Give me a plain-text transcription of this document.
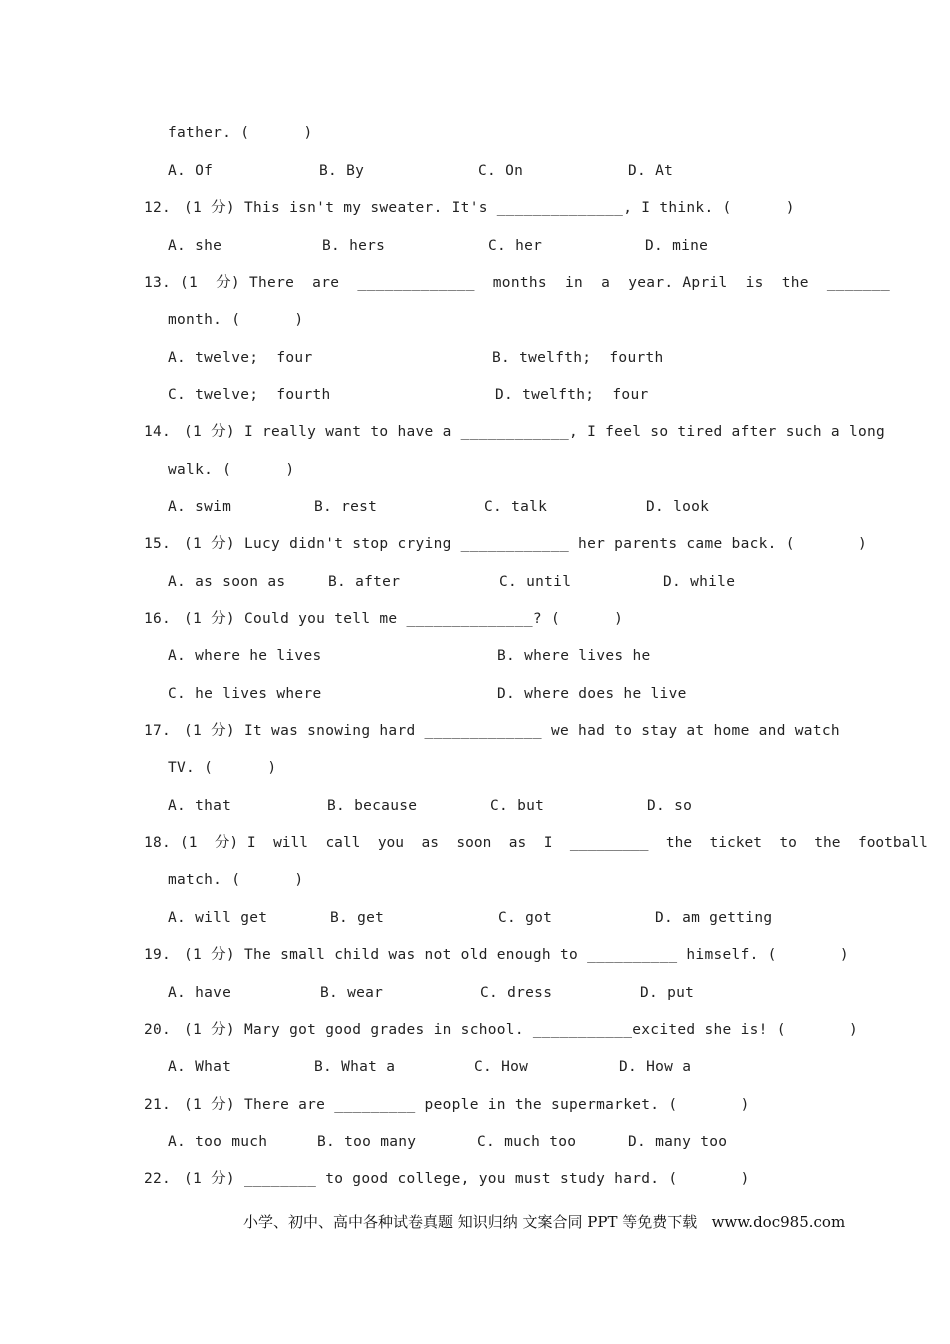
father. (      )
A. Of	B. By	C. On	D. At
12. (1 分) This isn't my sweater. It's ______________, I think. (      )
A. she	B. hers	C. her	D. mine
13. (1  分) There  are  _____________  months  in  a  year. April  is  the  _______
month. (      )
A. twelve;  four	B. twelfth;  fourth
C. twelve;  fourth	D. twelfth;  four
14. (1 分) I really want to have a ____________, I feel so tired after such a long
walk. (      )
A. swim	B. rest	C. talk	D. look
15. (1 分) Lucy didn't stop crying ____________ her parents came back. (       )
A. as soon as	B. after	C. until	D. while
16. (1 分) Could you tell me ______________? (      )
A. where he lives	B. where lives he
C. he lives where	D. where does he live
17. (1 分) It was snowing hard _____________ we had to stay at home and watch
TV. (      )
A. that	B. because	C. but	D. so
18. (1  分) I  will  call  you  as  soon  as  I  _________  the  ticket  to  the  football
match. (      )
A. will get	B. get	C. got	D. am getting
19. (1 分) The small child was not old enough to __________ himself. (       )
A. have	B. wear	C. dress	D. put
20. (1 分) Mary got good grades in school. ___________excited she is! (       )
A. What	B. What a	C. How	D. How a
21. (1 分) There are _________ people in the supermarket. (       )
A. too much	B. too many	C. much too	D. many too
22. (1 分) ________ to good college, you must study hard. (       )
小学、初中、高中各种试卷真题 知识归纳 文案合同 PPT 等免费下载   www.doc985.com
